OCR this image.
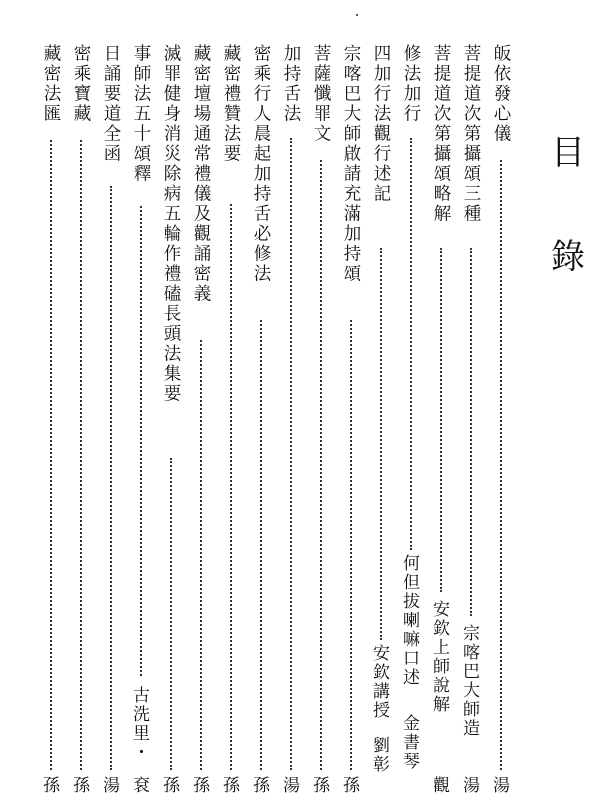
目
錄
皈依發心儀
湯
菩提道次第攝頌三種
宗喀巴大師造
湯
菩提道次第攝頌略解
安欽上師說解
觀
修法加行
何但拔喇嘛口述
金書琴
四加行法觀行述記
安欽講授
劉彰
宗喀巴大師啟請充滿加持頌
孫
菩薩懺罪文
孫
加持舌法
湯
密乘行人晨起加持舌必修法
孫
藏密禮贊法要
孫
藏密壇場通常禮儀及觀誦密義
孫
滅罪健身消災除病五輪作禮磕長頭法集要
孫
事師法五十頌釋
古洗里・
袞
日誦要道全函
湯
密乘寶藏
孫
藏密法匯
孫
